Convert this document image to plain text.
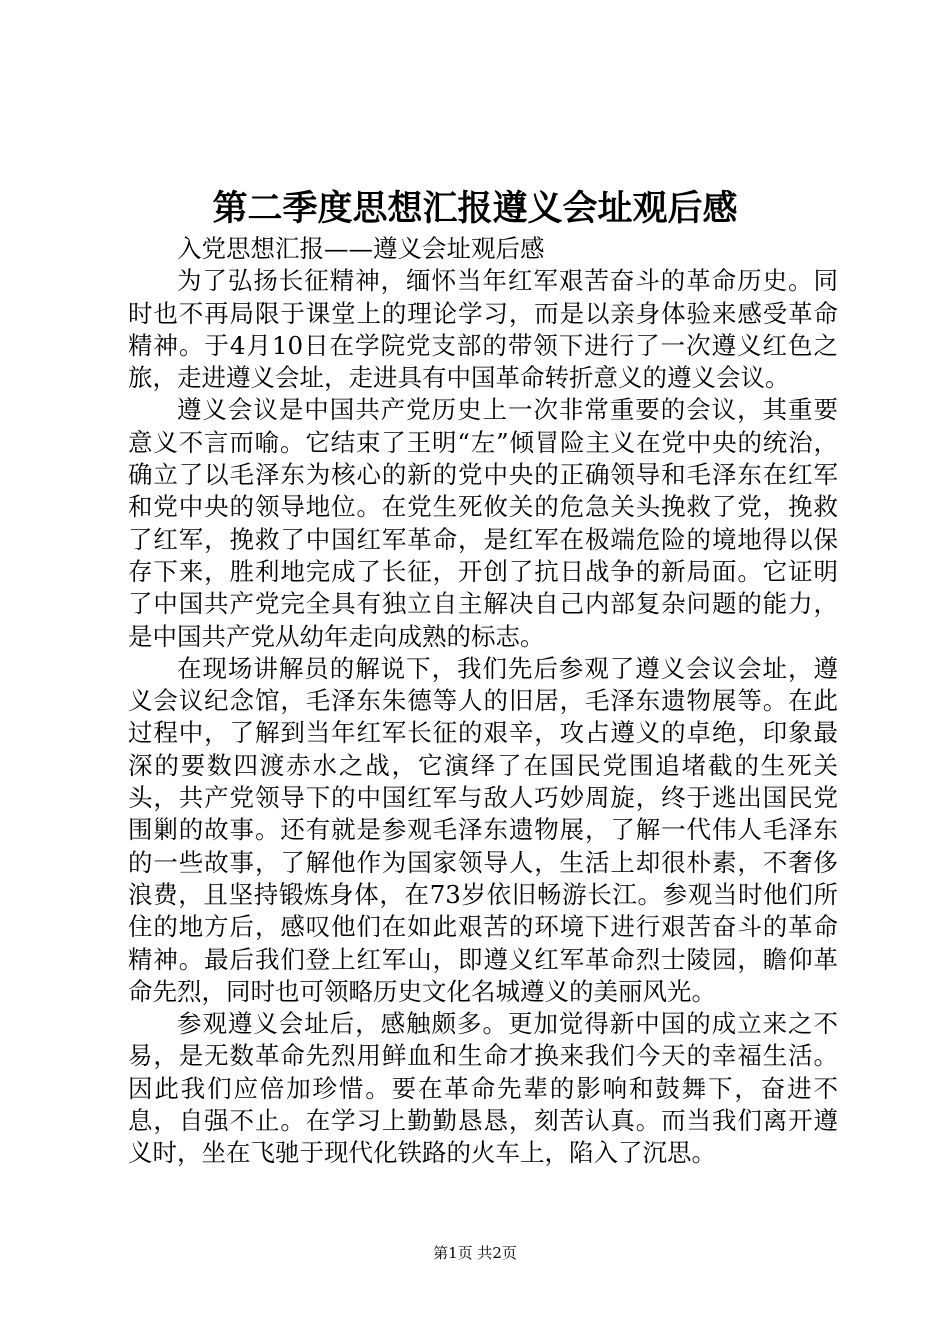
第二季度思想汇报遵义会址观后感

入党思想汇报——遵义会址观后感

为了弘扬长征精神，缅怀当年红军艰苦奋斗的革命历史。同时也不再局限于课堂上的理论学习，而是以亲身体验来感受革命精神。于4月10日在学院党支部的带领下进行了一次遵义红色之旅，走进遵义会址，走进具有中国革命转折意义的遵义会议。

遵义会议是中国共产党历史上一次非常重要的会议，其重要意义不言而喻。它结束了王明“左”倾冒险主义在党中央的统治，确立了以毛泽东为核心的新的党中央的正确领导和毛泽东在红军和党中央的领导地位。在党生死攸关的危急关头挽救了党，挽救了红军，挽救了中国红军革命，是红军在极端危险的境地得以保存下来，胜利地完成了长征，开创了抗日战争的新局面。它证明了中国共产党完全具有独立自主解决自己内部复杂问题的能力，是中国共产党从幼年走向成熟的标志。

在现场讲解员的解说下，我们先后参观了遵义会议会址，遵义会议纪念馆，毛泽东朱德等人的旧居，毛泽东遗物展等。在此过程中，了解到当年红军长征的艰辛，攻占遵义的卓绝，印象最深的要数四渡赤水之战，它演绎了在国民党围追堵截的生死关头，共产党领导下的中国红军与敌人巧妙周旋，终于逃出国民党围剿的故事。还有就是参观毛泽东遗物展，了解一代伟人毛泽东的一些故事，了解他作为国家领导人，生活上却很朴素，不奢侈浪费，且坚持锻炼身体，在73岁依旧畅游长江。参观当时他们所住的地方后，感叹他们在如此艰苦的环境下进行艰苦奋斗的革命精神。最后我们登上红军山，即遵义红军革命烈士陵园，瞻仰革命先烈，同时也可领略历史文化名城遵义的美丽风光。

参观遵义会址后，感触颇多。更加觉得新中国的成立来之不易，是无数革命先烈用鲜血和生命才换来我们今天的幸福生活。因此我们应倍加珍惜。要在革命先辈的影响和鼓舞下，奋进不息，自强不止。在学习上勤勤恳恳，刻苦认真。而当我们离开遵义时，坐在飞驰于现代化铁路的火车上，陷入了沉思。

第1页 共2页
